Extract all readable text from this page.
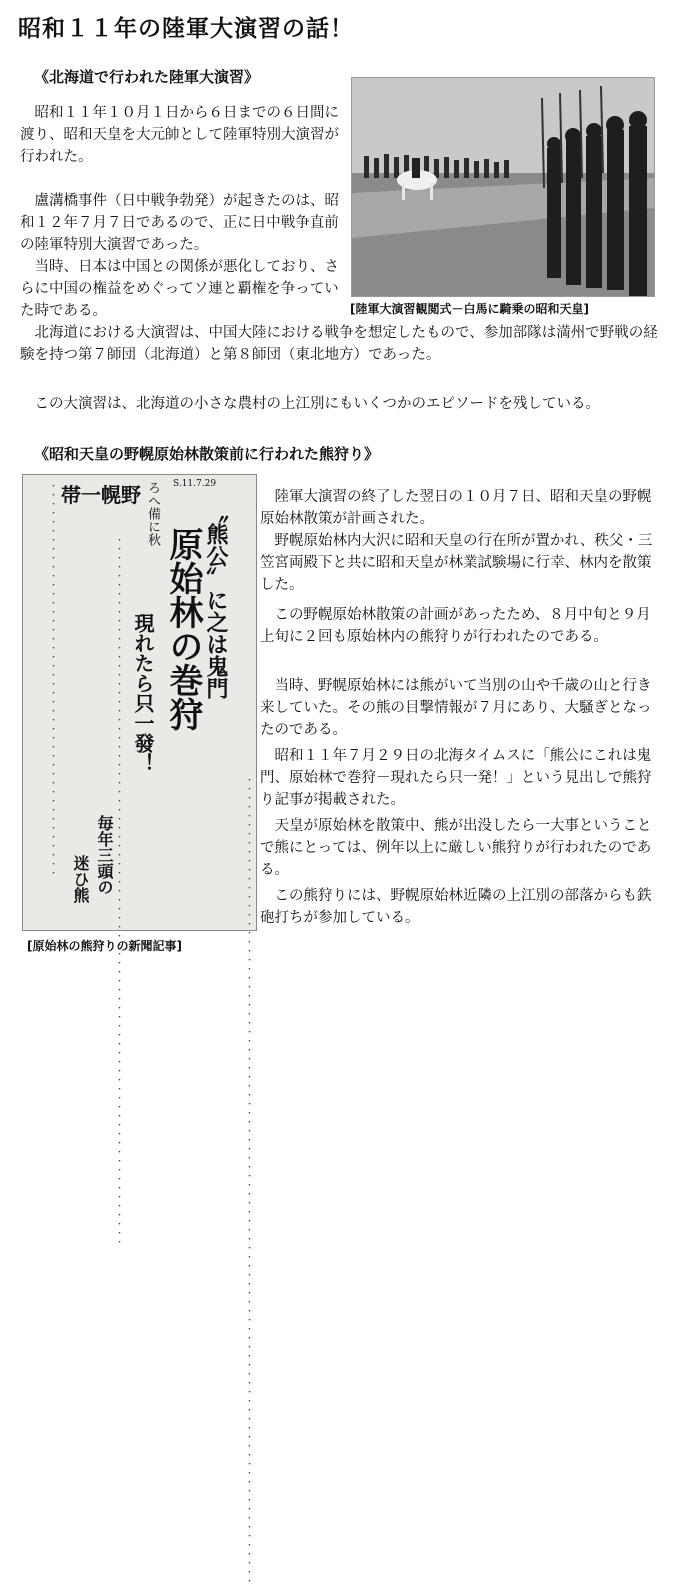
昭和１１年の陸軍大演習の話！
《北海道で行われた陸軍大演習》

昭和１１年１０月１日から６日までの６日間に渡り、昭和天皇を大元帥として陸軍特別大演習が行われた。

盧溝橋事件（日中戦争勃発）が起きたのは、昭和１２年７月７日であるので、正に日中戦争直前の陸軍特別大演習であった。

当時、日本は中国との関係が悪化しており、さらに中国の権益をめぐってソ連と覇権を争っていた時である。	[陸軍大演習観閲式－白馬に騎乗の昭和天皇]

北海道における大演習は、中国大陸における戦争を想定したもので、参加部隊は満州で野戦の経験を持つ第７師団（北海道）と第８師団（東北地方）であった。

この大演習は、北海道の小さな農村の上江別にもいくつかのエピソードを残している。

《昭和天皇の野幌原始林散策前に行われた熊狩り》
・・・・・・・・・・・・・・・・・・・・・・・・・・・・・・・・・・・・・・・・・・・・	ろへ備に秋
帯一幌野	S.11.7.29
〝熊公〟に之は鬼門
原始林の巻狩
現れたら只一發！
毎年三頭の
迷ひ熊	・・・・・・・・・・・・・・・・・・・・・・・・・・・・・・・・・・・・・・・・・・・・・・・・・・・・・・・・・・・・・・・・・・・・・・・・・・・・・・・	・・・・・・・・・・・・・・・・・・・・・・・・・・・・・・・・・・・・・・・・・・・・・・・・・・・・・・・・・・・・・・・・・・・・・・・・・・・・・・・・・・・・・・・・・・
[原始林の熊狩りの新聞記事]

陸軍大演習の終了した翌日の１０月７日、昭和天皇の野幌原始林散策が計画された。

野幌原始林内大沢に昭和天皇の行在所が置かれ、秩父・三笠宮両殿下と共に昭和天皇が林業試験場に行幸、林内を散策した。

この野幌原始林散策の計画があったため、８月中旬と９月上旬に２回も原始林内の熊狩りが行われたのである。

当時、野幌原始林には熊がいて当別の山や千歳の山と行き来していた。その熊の目撃情報が７月にあり、大騒ぎとなったのである。

昭和１１年７月２９日の北海タイムスに「熊公にこれは鬼門、原始林で巻狩－現れたら只一発！」という見出しで熊狩り記事が掲載された。

天皇が原始林を散策中、熊が出没したら一大事ということで熊にとっては、例年以上に厳しい熊狩りが行われたのである。

この熊狩りには、野幌原始林近隣の上江別の部落からも鉄砲打ちが参加している。
